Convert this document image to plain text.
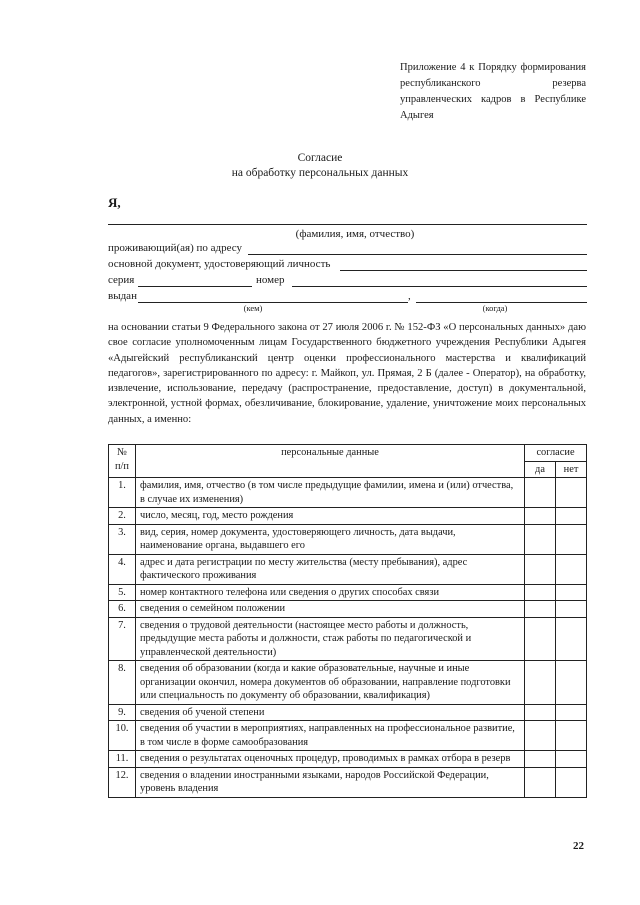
Приложение 4 к Порядку формирования республиканского резерва управленческих кадров в Республике Адыгея
Согласие
на обработку персональных данных
Я,
(фамилия, имя, отчество)
проживающий(ая) по адресу
основной документ, удостоверяющий личность
серия	номер
выдан	,
(кем)	(когда)
на основании статьи 9 Федерального закона от 27 июля 2006 г. № 152-ФЗ «О персональных данных» даю свое согласие уполномоченным лицам Государственного бюджетного учреждения Республики Адыгея «Адыгейский республиканский центр оценки профессионального мастерства и квалификаций педагогов», зарегистрированного по адресу: г. Майкоп, ул. Прямая, 2 Б (далее - Оператор), на обработку, извлечение, использование, передачу (распространение, предоставление, доступ) в документальной, электронной, устной формах, обезличивание, блокирование, удаление, уничтожение моих персональных данных, а именно:
№ п/п	персональные данные	согласие	
		да	нет
1.	фамилия, имя, отчество (в том числе предыдущие фамилии, имена и (или) отчества, в случае их изменения)		
2.	число, месяц, год, место рождения		
3.	вид, серия, номер документа, удостоверяющего личность, дата выдачи, наименование органа, выдавшего его		
4.	адрес и дата регистрации по месту жительства (месту пребывания), адрес фактического проживания		
5.	номер контактного телефона или сведения о других способах связи		
6.	сведения о семейном положении		
7.	сведения о трудовой деятельности (настоящее место работы и должность, предыдущие места работы и должности, стаж работы по педагогической и управленческой деятельности)		
8.	сведения об образовании (когда и какие образовательные, научные и иные организации окончил, номера документов об образовании, направление подготовки или специальность по документу об образовании, квалификация)		
9.	сведения об ученой степени		
10.	сведения об участии в мероприятиях, направленных на профессиональное развитие, в том числе в форме самообразования		
11.	сведения о результатах оценочных процедур, проводимых в рамках отбора в резерв		
12.	сведения о владении иностранными языками, народов Российской Федерации, уровень владения		
22
